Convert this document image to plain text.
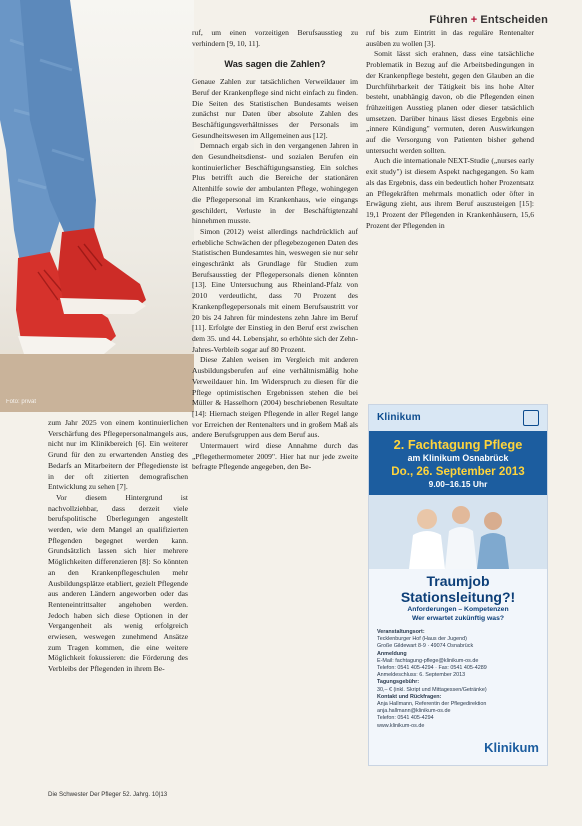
Führen + Entscheiden
Foto: privat

zum Jahr 2025 von einem kontinuierlichen Verschärfung des Pflegepersonalmangels aus, nicht nur im Klinikbereich [6]. Ein weiterer Grund für den zu erwartenden Anstieg des Bedarfs an Mitarbeitern der Pflegedienste ist in der oft zitierten demografischen Entwicklung zu sehen [7].

Vor diesem Hintergrund ist nachvollziehbar, dass derzeit viele berufspolitische Überlegungen angestellt werden, wie dem Mangel an qualifizierten Pflegenden begegnet werden kann. Grundsätzlich lassen sich hier mehrere Möglichkeiten differenzieren [8]: So könnten an den Krankenpflegeschulen mehr Ausbildungsplätze etabliert, gezielt Pflegende aus anderen Ländern angeworben oder das Renteneintrittsalter angehoben werden. Jedoch haben sich diese Optionen in der Vergangenheit als wenig erfolgreich erwiesen, weswegen zunehmend Ansätze zum Tragen kommen, die eine weitere Möglichkeit fokussieren: die Förderung des Verbleibs der Pflegenden in ihrem Be-

ruf, um einen vorzeitigen Berufsausstieg zu verhindern [9, 10, 11].

Was sagen die Zahlen?

Genaue Zahlen zur tatsächlichen Verweildauer im Beruf der Krankenpflege sind nicht einfach zu finden. Die Seiten des Statistischen Bundesamts weisen zunächst nur Daten über absolute Zahlen des Beschäftigungsverhältnisses der Personals im Gesundheitswesen im Allgemeinen aus [12].

Demnach ergab sich in den vergangenen Jahren in den Gesundheitsdienst- und sozialen Berufen ein kontinuierlicher Beschäftigungsanstieg. Ein solches Plus betrifft auch die Bereiche der stationären Altenhilfe sowie der ambulanten Pflege, wohingegen die Pflegepersonal im Krankenhaus, wie eingangs geschildert, Verluste in der Beschäftigtenzahl hinnehmen musste.

Simon (2012) weist allerdings nachdrücklich auf erhebliche Schwächen der pflegebezogenen Daten des Statistischen Bundesamtes hin, weswegen sie nur sehr eingeschränkt als Grundlage für Studien zum Berufsausstieg der Pflegepersonals dienen könnten [13]. Eine Untersuchung aus Rheinland-Pfalz von 2010 verdeutlicht, dass 70 Prozent des Krankenpflegepersonals mit einem Berufsaustritt vor 20 bis 24 Jahren für mindestens zehn Jahre im Beruf [11]. Erfolgte der Einstieg in den Beruf erst zwischen dem 35. und 44. Lebensjahr, so erhöhte sich der Zehn-Jahres-Verbleib sogar auf 80 Prozent.

Diese Zahlen weisen im Vergleich mit anderen Ausbildungsberufen auf eine verhältnismäßig hohe Verweildauer hin. Im Widerspruch zu diesen für die Pflege optimistischen Ergebnissen stehen die bei Müller & Hasselhorn (2004) beschriebenen Resultate [14]: Hiernach steigen Pflegende in aller Regel lange vor Erreichen der Rentenalters und in großem Maß als andere Berufsgruppen aus dem Beruf aus.

Untermauert wird diese Annahme durch das „Pflegethermometer 2009". Hier hat nur jede zweite befragte Pflegende angegeben, den Be-

ruf bis zum Eintritt in das reguläre Rentenalter ausüben zu wollen [3].

Somit lässt sich erahnen, dass eine tatsächliche Problematik in Bezug auf die Arbeitsbedingungen in der Krankenpflege besteht, gegen den Glauben an die Durchführbarkeit der Tätigkeit bis ins hohe Alter besteht, unabhängig davon, ob die Pflegenden einen frühzeitigen Ausstieg planen oder dieser tatsächlich umsetzen. Darüber hinaus lässt dieses Ergebnis eine „innere Kündigung" vermuten, deren Auswirkungen auf die Versorgung von Patienten bisher gehend untersucht werden sollten.

Auch die internationale NEXT-Studie („nurses early exit study") ist diesem Aspekt nachgegangen. So kam als das Ergebnis, dass ein bedeutlich hoher Prozentsatz an Pflegekräften mehrmals monatlich oder öfter in Erwägung zieht, aus ihrem Beruf auszusteigen [15]: 19,1 Prozent der Pflegenden in Krankenhäusern, 15,6 Prozent der Pflegenden in

Klinikum
2. Fachtagung Pflege
am Klinikum Osnabrück
Do., 26. September 2013
9.00–16.15 Uhr
Traumjob Stationsleitung?!
Anforderungen – Kompetenzen
Wer erwartet zukünftig was?
Veranstaltungsort:
Tecklenburger Hof (Haus der Jugend)
Große Gildewart 8-9 · 49074 Osnabrück
Anmeldung
E-Mail: fachtagung-pflege@klinikum-os.de
Telefon: 0541 405-4294 · Fax: 0541 405-4289
Anmeldeschluss: 6. September 2013
Tagungsgebühr:
30,– € (inkl. Skript und Mittagessen/Getränke)
Kontakt und Rückfragen:
Anja Hallmann, Referentin der Pflegedirektion
anja.hallmann@klinikum-os.de
Telefon: 0541 405-4294
www.klinikum-os.de
Klinikum
Die Schwester Der Pfleger 52. Jahrg. 10|13
